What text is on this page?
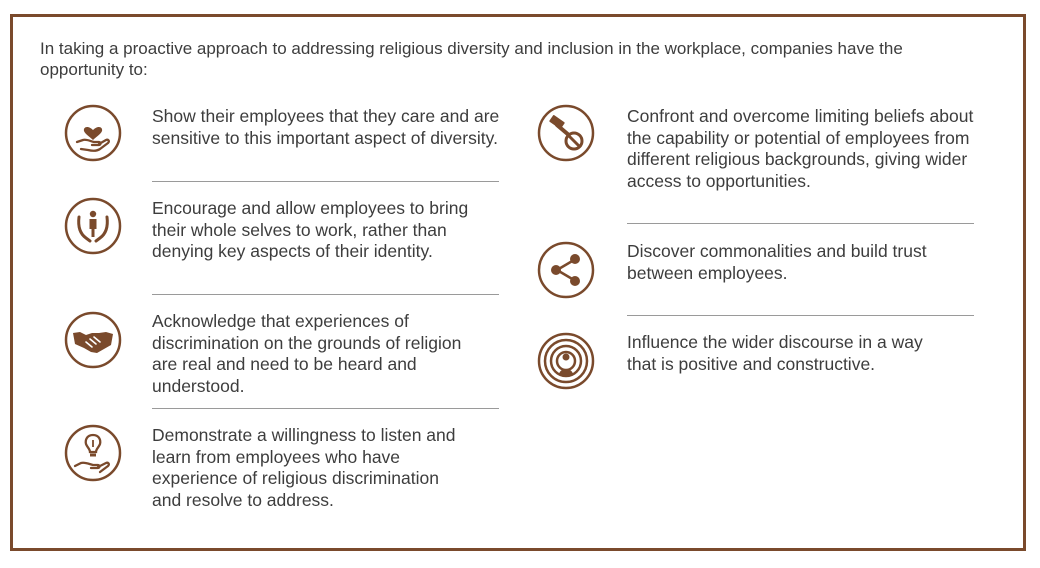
In taking a proactive approach to addressing religious diversity and inclusion in the workplace, companies have the opportunity to:

Show their employees that they care and are sensitive to this important aspect of diversity.

Encourage and allow employees to bring their whole selves to work, rather than denying key aspects of their identity.

Acknowledge that experiences of discrimination on the grounds of religion are real and need to be heard and understood.

Demonstrate a willingness to listen and learn from employees who have experience of religious discrimination and resolve to address.

Confront and overcome limiting beliefs about the capability or potential of employees from different religious backgrounds, giving wider access to opportunities.

Discover commonalities and build trust between employees.

Influence the wider discourse in a way that is positive and constructive.
